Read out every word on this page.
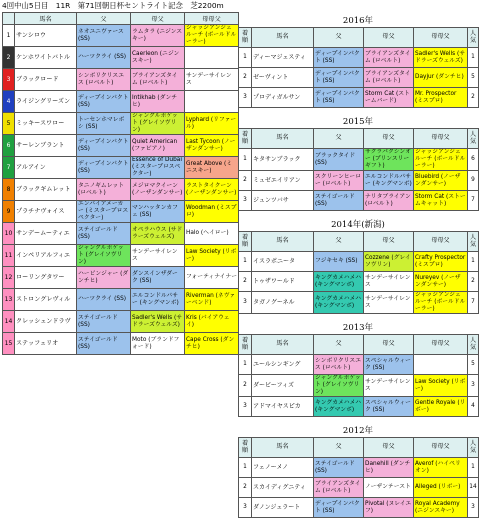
4回中山5日目　11R　第71回朝日杯セントライト記念　芝2200m
	馬名	父	母父	母母父
1	サンシロウ	ネオユニヴァース (SS)	ラムタラ (ニジンスキー)	ジャッジアンジェルーチ (ボールドルーラー)
2	ケンホワイトバトル	ハーツクライ (SS)	Caerleon (ニジンスキー)	
3	ブラックロード	シンボリクリスエス (ロベルト)	ブライアンズタイム (ロベルト)	サンデーサイレンス
4	ライジングリーズン	ディープインパクト (SS)	Intikhab (ダンチヒ)	
5	ミッキースワロー	トーセンホマレボシ (SS)	ジャングルポケット (グレイソヴリン)	Lyphard (リファール)
6	サーレンブラント	ディープインパクト (SS)	Quiet American (ファピアノ)	Last Tycoon (ノーザンダンサー)
7	アルアイン	ディープインパクト (SS)	Essence of Dubai (ミスタープロスペクター)	Great Above (ミニスキー)
8	ブラックギムレット	タニノギムレット (ロベルト)	メジロマクイーン (ノーザンダンサー)	ラストタイクーン (ノーザンダンサー)
9	プラチナヴォイス	エンパイアメーカー (ミスタープロスペクター)	マンハッタンカフェ (SS)	Woodman (ミスプロ)
10	サンデームーティエ	ステイゴールド (SS)	オペラハウス (サドラーズウェルズ)	Halo (ヘイロー)
11	インペリアルフィエ	ジャングルポケット (グレイソヴリン)	サンデーサイレンス	Law Society (リボー)
12	ローリングタワー	ハービンジャー (ダンチヒ)	ダンスインザダーク (SS)	フォーティナイナー
13	ストロングレヴィル	ハーツクライ (SS)	エルコンドルパサー (キングマンボ)	Riverman (ネヴァーベンド)
14	クレッシェンドラヴ	ステイゴールド (SS)	Sadler's Wells (サドラーズウェルズ)	Kris (パイアウェイ)
15	ステッフェリオ	ステイゴールド (SS)	Moto (ブランドフォード)	Cape Cross (ダンチヒ)
2016年
着順	馬名	父	母父	母母父	人気
1	ディーマジェスティ	ディープインパクト (SS)	ブライアンズタイム (ロベルト)	Sadler's Wells (サドラーズウェルズ)	1
2	ゼーヴィント	ディープインパクト (SS)	ブライアンズタイム (ロベルト)	Dayjur (ダンチヒ)	5
3	プロディガルサン	ディープインパクト (SS)	Storm Cat (ストームバード)	Mr. Prospector (ミスプロ)	2
2015年
着順	馬名	父	母父	母母父	人気
1	キタサンブラック	ブラックタイド (SS)	サクラバクシンオー (プリンスリーギフト)	ジャッジアンジェルーチ (ボールドルーラー)	6
2	ミュゼエイリアン	スクリーンヒーロー (ロベルト)	エルコンドルパサー (キングマンボ)	Bluebird (ノーザンダンサー)	9
3	ジュンツバサ	ステイゴールド (SS)	ナリタブライアン (ロベルト)	Storm Cat (ストームキャット)	7
2014年(新潟)
着順	馬名	父	母父	母母父	人気
1	イスラボニータ	フジキセキ (SS)	Cozzene (グレイソヴリン)	Crafty Prospector (ミスプロ)	1
2	トゥザワールド	キングカメハメハ (キングマンボ)	サンデーサイレンス	Nureyev (ノーザンダンサー)	2
3	タガノグーネル	キングカメハメハ (キングマンボ)	サンデーサイレンス	ジャッジアンジェルーチ (ボールドルーラー)	7
2013年
着順	馬名	父	母父	母母父	人気
1	ユールシンギング	シンボリクリスエス (ロベルト)	スペシャルウィーク (SS)		5
2	ダービーフィズ	ジャングルポケット (グレイソヴリン)	サンデーサイレンス	Law Society (リボー)	3
3	アドマイヤスピカ	キングカメハメハ (キングマンボ)	スペシャルウィーク (SS)	Gentle Royale (リボー)	4
2012年
着順	馬名	父	母父	母母父	人気
1	フェノーメノ	ステイゴールド (SS)	Danehill (ダンチヒ)	Averof (ハイペリオン)	1
2	スカイディグニティ	ブライアンズタイム (ロベルト)	ノーザンテースト	Alleged (リボー)	14
3	ダノンジェラート	ディープインパクト (SS)	Pivotal (ヌレイエフ)	Royal Academy (ニジンスキー)	3
